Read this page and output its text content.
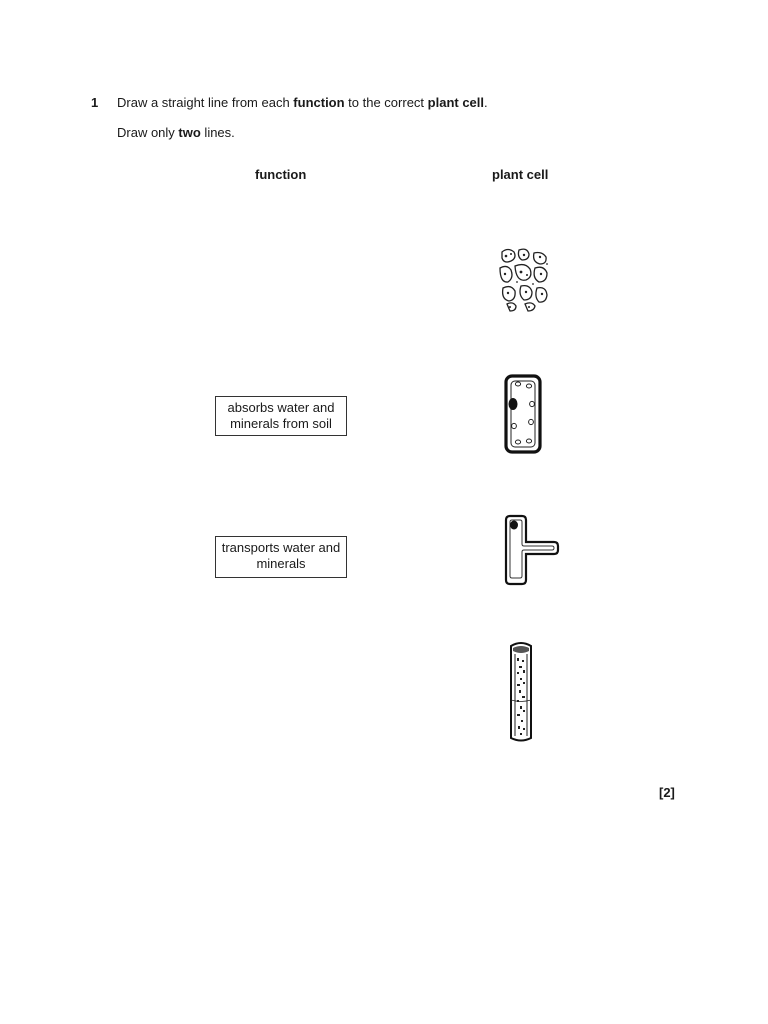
1 Draw a straight line from each function to the correct plant cell.
Draw only two lines.
function	plant cell
absorbs water and
minerals from soil
transports water and
minerals
[2]
